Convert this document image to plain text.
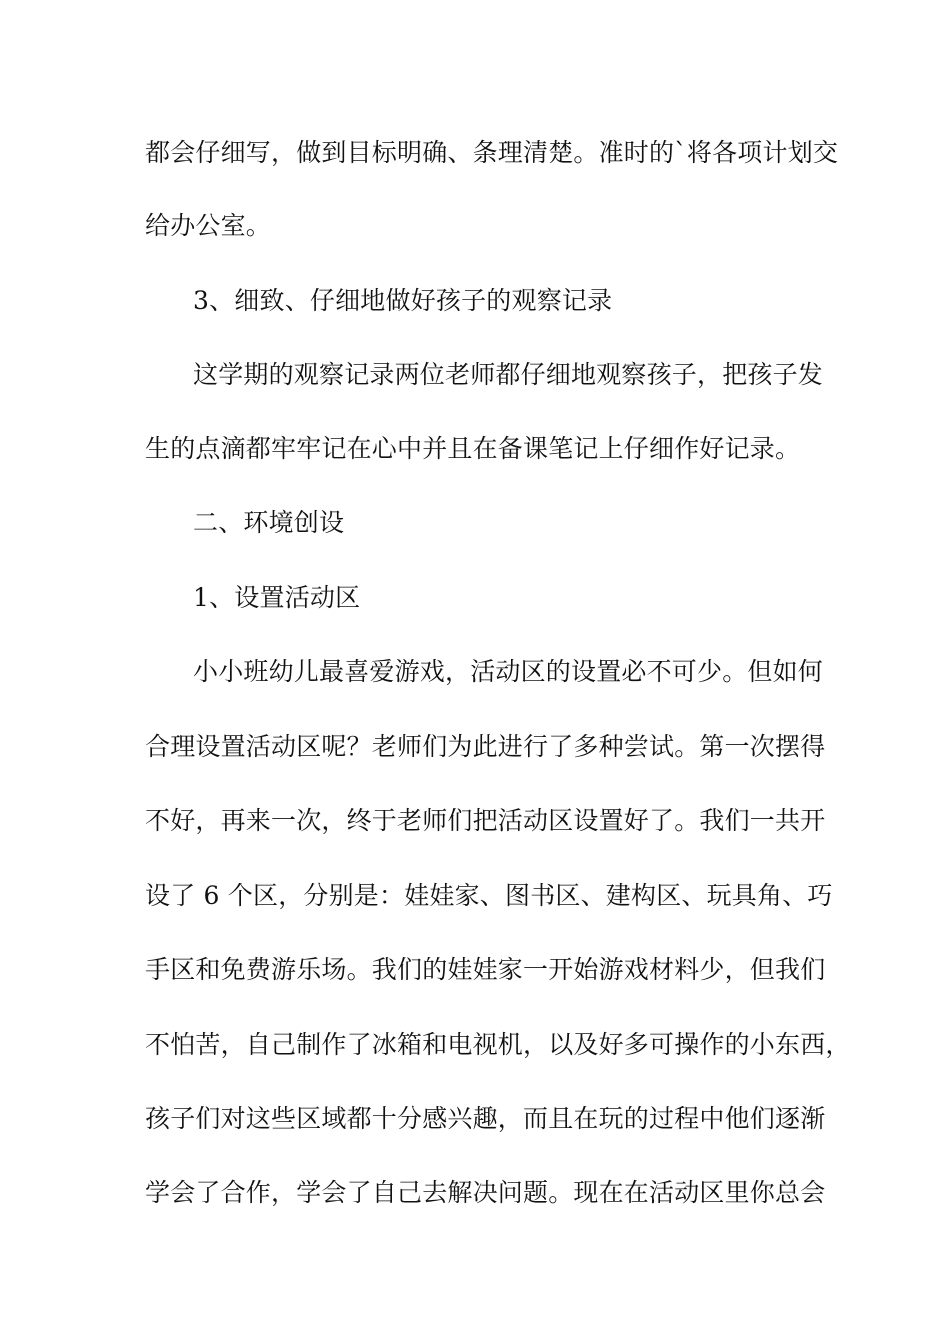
都会仔细写，做到目标明确、条理清楚。准时的`将各项计划交
给办公室。
3、细致、仔细地做好孩子的观察记录
这学期的观察记录两位老师都仔细地观察孩子，把孩子发
生的点滴都牢牢记在心中并且在备课笔记上仔细作好记录。
二、环境创设
1、设置活动区
小小班幼儿最喜爱游戏，活动区的设置必不可少。但如何
合理设置活动区呢？老师们为此进行了多种尝试。第一次摆得
不好，再来一次，终于老师们把活动区设置好了。我们一共开
设了 6 个区，分别是：娃娃家、图书区、建构区、玩具角、巧
手区和免费游乐场。我们的娃娃家一开始游戏材料少，但我们
不怕苦，自己制作了冰箱和电视机，以及好多可操作的小东西，
孩子们对这些区域都十分感兴趣，而且在玩的过程中他们逐渐
学会了合作，学会了自己去解决问题。现在在活动区里你总会
